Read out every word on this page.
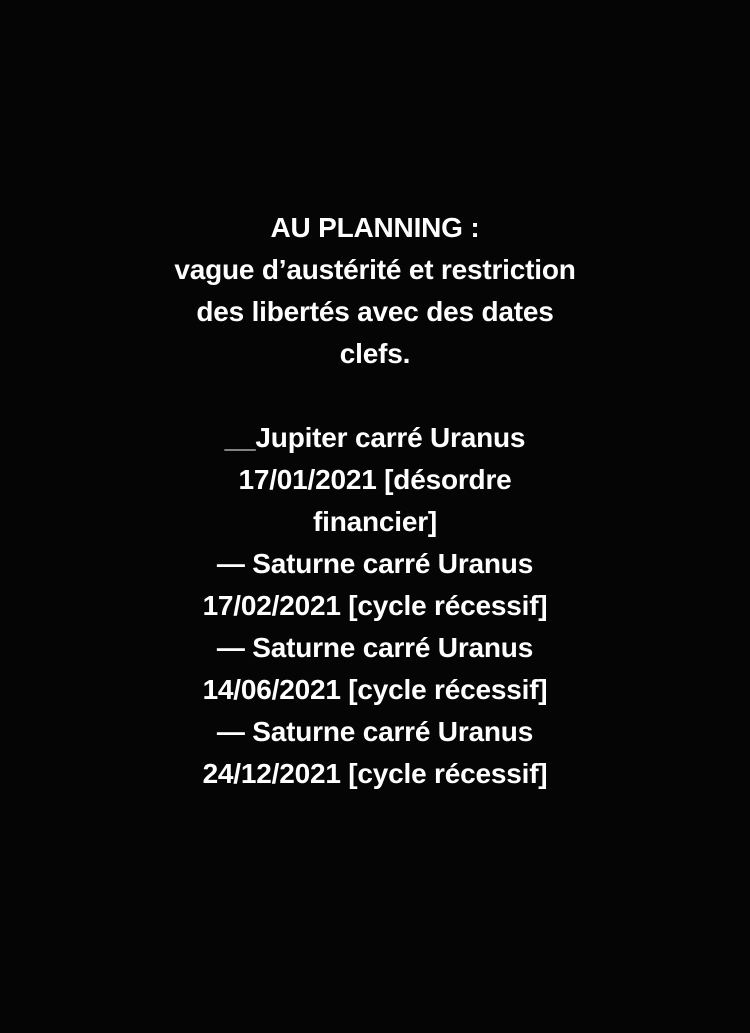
AU PLANNING :
vague d’austérité et restriction
des libertés avec des dates
clefs.
__Jupiter carré Uranus
17/01/2021 [désordre
financier]
— Saturne carré Uranus
17/02/2021 [cycle récessif]
— Saturne carré Uranus
14/06/2021 [cycle récessif]
— Saturne carré Uranus
24/12/2021 [cycle récessif]
